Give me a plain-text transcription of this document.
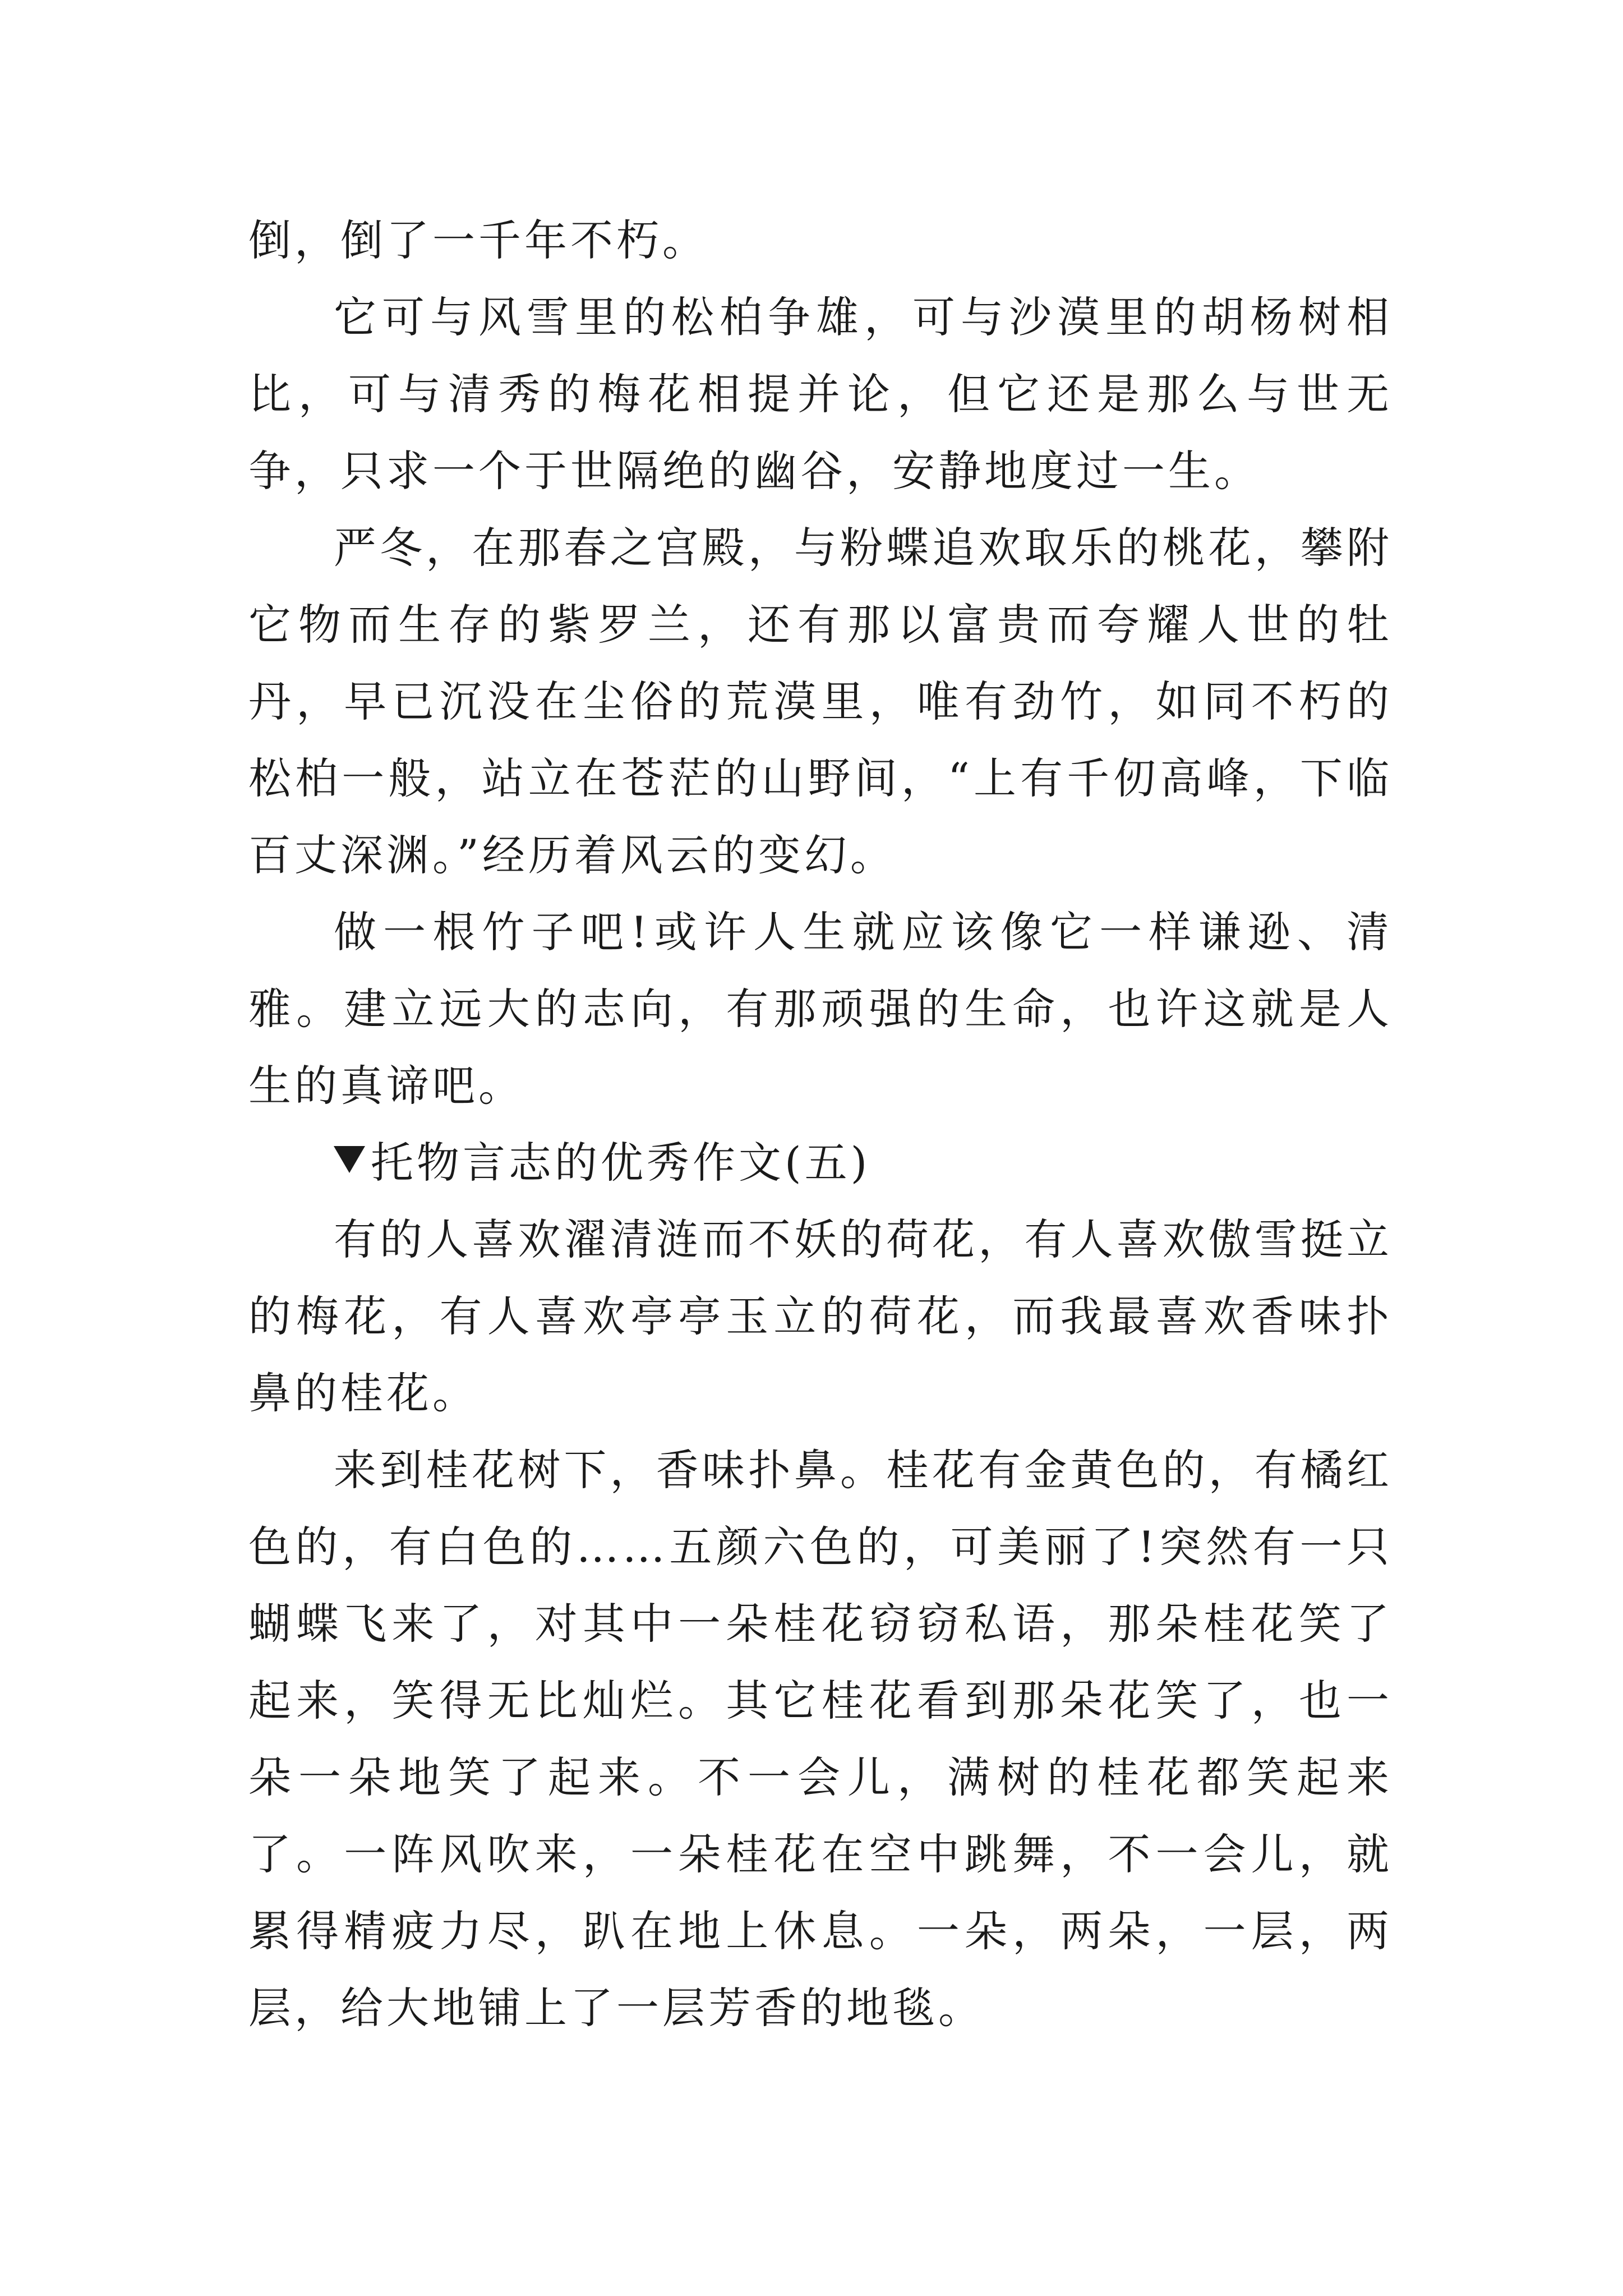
倒，倒了一千年不朽。

它可与风雪里的松柏争雄，可与沙漠里的胡杨树相比，可与清秀的梅花相提并论，但它还是那么与世无争，只求一个于世隔绝的幽谷，安静地度过一生。

严冬，在那春之宫殿，与粉蝶追欢取乐的桃花，攀附它物而生存的紫罗兰，还有那以富贵而夸耀人世的牡丹，早已沉没在尘俗的荒漠里，唯有劲竹，如同不朽的松柏一般，站立在苍茫的山野间，“上有千仞高峰，下临百丈深渊。”经历着风云的变幻。

做一根竹子吧!或许人生就应该像它一样谦逊、清雅。建立远大的志向，有那顽强的生命，也许这就是人生的真谛吧。

托物言志的优秀作文(五)

有的人喜欢濯清涟而不妖的荷花，有人喜欢傲雪挺立的梅花，有人喜欢亭亭玉立的荷花，而我最喜欢香味扑鼻的桂花。

来到桂花树下，香味扑鼻。桂花有金黄色的，有橘红色的，有白色的……五颜六色的，可美丽了!突然有一只蝴蝶飞来了，对其中一朵桂花窃窃私语，那朵桂花笑了起来，笑得无比灿烂。其它桂花看到那朵花笑了，也一朵一朵地笑了起来。不一会儿，满树的桂花都笑起来了。一阵风吹来，一朵桂花在空中跳舞，不一会儿，就累得精疲力尽，趴在地上休息。一朵，两朵，一层，两层，给大地铺上了一层芳香的地毯。
